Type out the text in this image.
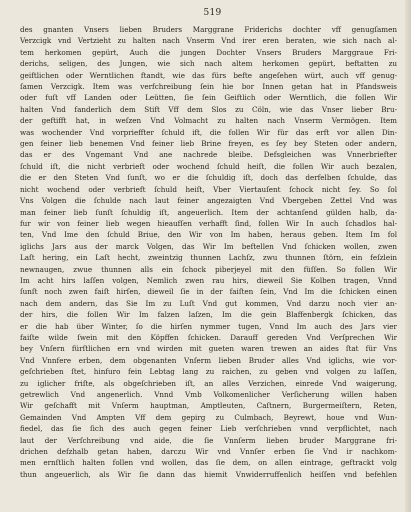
519
des gnanten Vnsers lieben Bruders Marggrane Friderichs dochter vff genugſamen
Verzcigk vnd Vertzieht zu halten nach Vnserm Vnd irer eren beraten, wie sich nach al-
tem herkomen gepürt, Auch die jungen Dochter Vnsers Bruders Marggraue Fri-
derichs, seligen, des Jungen, wie sich nach altem herkomen gepürt, beftatten zu
geiftlichen oder Werntlichen ftandt, wie das fürs befte angeſehen würt, auch vff genug-
ſamen Verzcigk. Item was verfchreibung ſein hie bor Innen getan hat in Pfandsweis
oder fuſt vff Landen oder Leütten, ſie ſein Geiftlich oder Werntlich, die follen Wir
halten Vnd fanderlich dem Stift Vff dem Slos zu Cöln, wie das Vnser lieber Bru-
der geftifft hat, in weſzen Vnd Volmacht zu halten nach Vnserm Vermögen. Item
was wochender Vnd vorprieffter ſchuld ift, die follen Wir für das erft vor allen Din-
gen feiner lieb benemen Vnd feiner lieb Brine freyen, es ſey bey Steten oder andern,
das er des Vngemant Vnd ane nachrede bleibe. Defsgleichen was Vnnerbriefter
ſchuld iſt, die nicht verbrieft oder wochend ſchuld heiſt, die follen Wir auch bezalen,
die er den Steten Vnd ſunſt, wo er die ſchuldig iſt, doch das derfelben ſchulde, das
nicht wochend oder verbrieft ſchuld heiſt, Vber Viertauſent ſchock nicht ſey. So ſol
Vns Volgen die ſchulde nach laut feiner angezaigten Vnd Vbergeben Zettel Vnd was
man feiner lieb ſunſt ſchuldig iſt, angeuerlich. Item der achtanſend gülden halb, da-
fur wir von feiner lieb wegen hieaufſen verhafft ſind, follen Wir In auch ſchadlos hal-
ten, Vnd Ime den ſchuld Briue, den Wir von Im haben, heraus geben. Item Im fol
iglichs Jars aus der marck Volgen, das Wir Im beftellen Vnd ſchicken wollen, zwen
Laſt hering, ein Laſt hecht, zweintzig thunnen Lachſz, zwu thunnen ſtörn, ein feſzlein
newnaugen, zwue thunnen alls ein ſchock piberjeyel mit den füſſen. So follen Wir
Im acht hirs laſſen volgen, Nemlich zwen rau hirs, dieweil Sie Kolben tragen, Vnnd
ſunſt noch zwen faiſt hirſen, dieweil ſie in der faiſten ſein, Vnd Im die ſchicken einen
nach dem andern, das Sie Im zu Luſt Vnd gut kommen, Vnd darzu noch vier an-
der hirs, die follen Wir Im falzen laſzen, Im die gein Blaffenbergk ſchicken, das
er die hab über Winter, ſo die hirſen nymmer tugen, Vnnd Im auch des Jars vier
faiſte wilde ſwein mit den Köpffen ſchicken. Darauff gereden Vnd Verſprechen Wir
bey Vnſern fürſtlichen ern vnd wirden mit gueten waren trewen an aides ſtat für Vns
Vnd Vnnfere erben, dem obgenanten Vnſerm lieben Bruder alles Vnd iglichs, wie vor-
geſchrieben ſtet, hinfuro fein Lebtag lang zu raichen, zu geben vnd volgen zu laſſen,
zu iglicher friſte, als obgeſchrieben iſt, an alles Verzichen, einrede Vnd waigerung,
getrewlich Vnd angenerlich. Vnnd Vmb Volkomenlicher Verſicherung willen haben
Wir geſchafft mit Vnſerm hauptman, Amptleuten, Caſtnern, Burgermeiſtern, Reten,
Gemainden Vnd Ampten Vff dem gepirg zu Culmbach, Beyrewt, houe vnd Wun-
fiedel, das ſie ſich des auch gegen feiner Lieb verſchrieben vnnd verpflichtet, nach
laut der Verſchreibung vnd aide, die ſie Vnnſerm lieben bruder Marggrane fri-
drichen defzhalb getan haben, darczu Wir vnd Vnnſer erben ſie Vnd ir nachkom-
men ernſtlich halten follen vnd wollen, das ſie dem, on allen eintrage, geftrackt volg
thun angeuerlich, als Wir ſie dann das hiemit Vnwiderruffenlich heiſſen vnd befehlen
